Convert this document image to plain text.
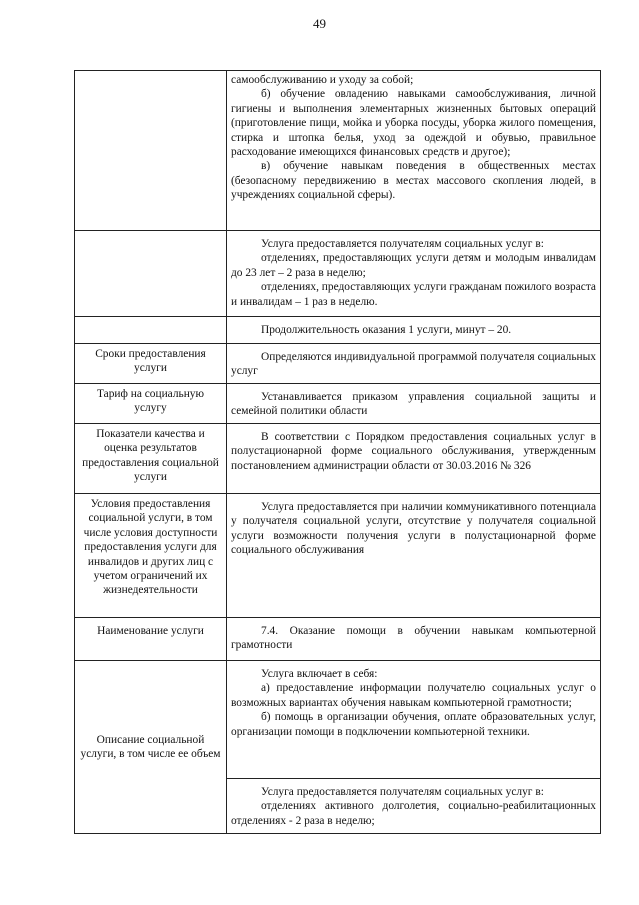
49

	самообслуживанию и уходу за собой;

б) обучение овладению навыками самообслуживания, личной гигиены и выполнения элементарных жизненных бытовых операций (приготовление пищи, мойка и уборка посуды, уборка жилого помещения, стирка и штопка белья, уход за одеждой и обувью, правильное расходование имеющихся финансовых средств и другое);

в) обучение навыкам поведения в общественных местах (безопасному передвижению в местах массового скопления людей, в учреждениях социальной сферы).

	Услуга предоставляется получателям социальных услуг в:

отделениях, предоставляющих услуги детям и молодым инвалидам до 23 лет – 2 раза в неделю;

отделениях, предоставляющих услуги гражданам пожилого возраста и инвалидам – 1 раз в неделю.

	Продолжительность оказания 1 услуги, минут – 20.

Сроки предоставления услуги	Определяются индивидуальной программой получателя социальных услуг

Тариф на социальную услугу	Устанавливается приказом управления социальной защиты и семейной политики области

Показатели качества и оценка результатов предоставления социальной услуги	В соответствии с Порядком предоставления социальных услуг в полустационарной форме социального обслуживания, утвержденным постановлением администрации области от 30.03.2016 № 326

Условия предоставления социальной услуги, в том числе условия доступности предоставления услуги для инвалидов и других лиц с учетом ограничений их жизнедеятельности	Услуга предоставляется при наличии коммуникативного потенциала у получателя социальной услуги, отсутствие у получателя социальной услуги возможности получения услуги в полустационарной форме социального обслуживания

Наименование услуги	7.4. Оказание помощи в обучении навыкам компьютерной грамотности

Описание социальной услуги, в том числе ее объем	Услуга включает в себя:

а) предоставление информации получателю социальных услуг о возможных вариантах обучения навыкам компьютерной грамотности;

б) помощь в организации обучения, оплате образовательных услуг, организации помощи в подключении компьютерной техники.

	Услуга предоставляется получателям социальных услуг в:

отделениях активного долголетия, социально-реабилитационных отделениях - 2 раза в неделю;
